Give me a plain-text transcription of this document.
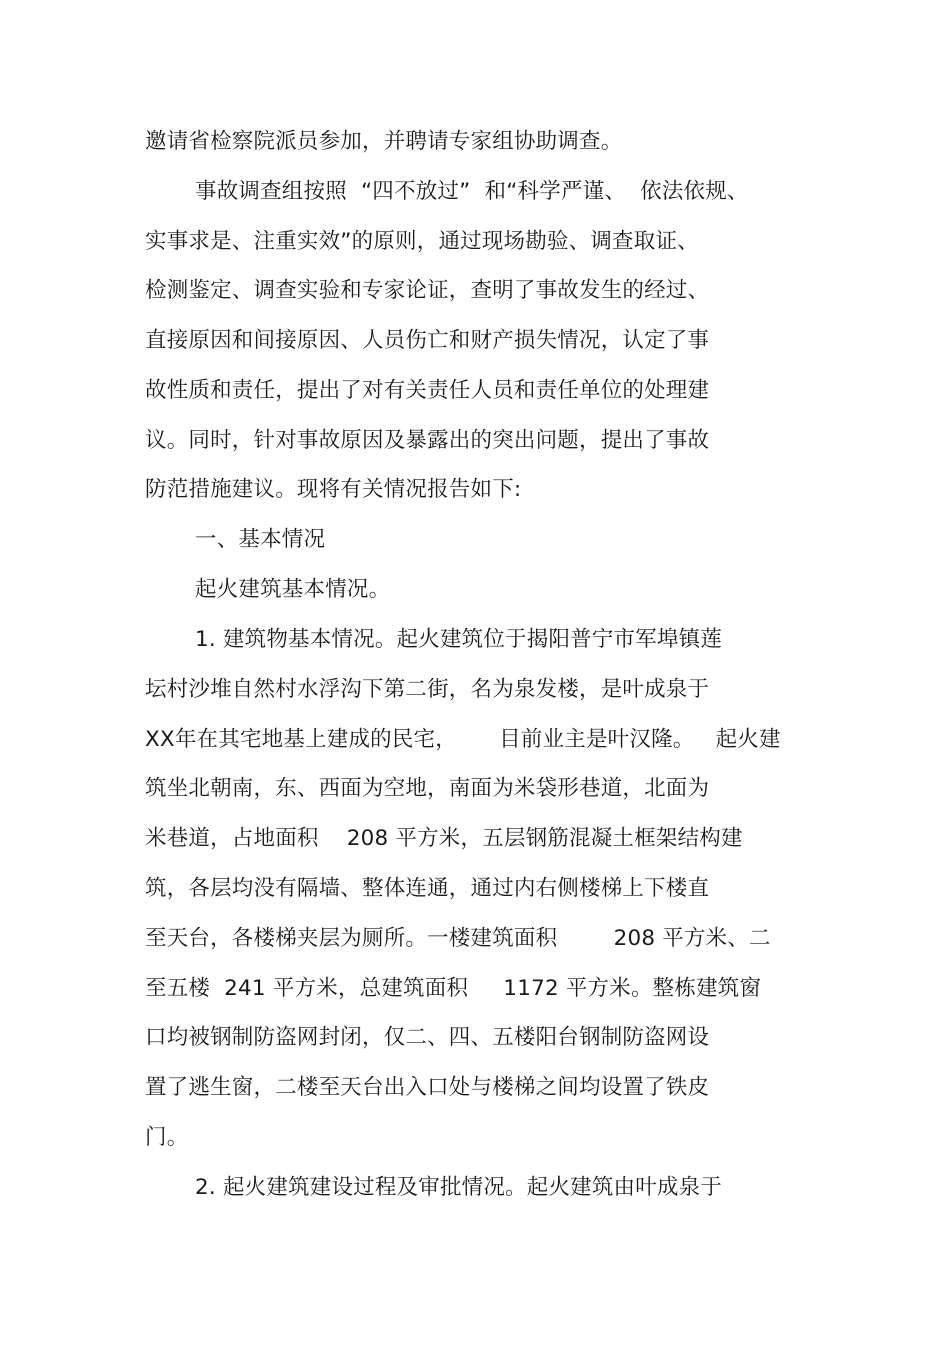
邀请省检察院派员参加，并聘请专家组协助调查。
事故调查组按照  “四不放过”  和“科学严谨、  依法依规、
实事求是、注重实效”的原则，通过现场勘验、调查取证、
检测鉴定、调查实验和专家论证，查明了事故发生的经过、
直接原因和间接原因、人员伤亡和财产损失情况，认定了事
故性质和责任，提出了对有关责任人员和责任单位的处理建
议。同时，针对事故原因及暴露出的突出问题，提出了事故
防范措施建议。现将有关情况报告如下:
一、基本情况
起火建筑基本情况。
1. 建筑物基本情况。起火建筑位于揭阳普宁市军埠镇莲
坛村沙堆自然村水浮沟下第二街，名为泉发楼，是叶成泉于
XX年在其宅地基上建成的民宅，      目前业主是叶汉隆。   起火建
筑坐北朝南，东、西面为空地，南面为米袋形巷道，北面为
米巷道，占地面积    208 平方米，五层钢筋混凝土框架结构建
筑，各层均没有隔墙、整体连通，通过内右侧楼梯上下楼直
至天台，各楼梯夹层为厕所。一楼建筑面积        208 平方米、二
至五楼  241 平方米，总建筑面积     1172 平方米。整栋建筑窗
口均被钢制防盗网封闭，仅二、四、五楼阳台钢制防盗网设
置了逃生窗，二楼至天台出入口处与楼梯之间均设置了铁皮
门。
2. 起火建筑建设过程及审批情况。起火建筑由叶成泉于
